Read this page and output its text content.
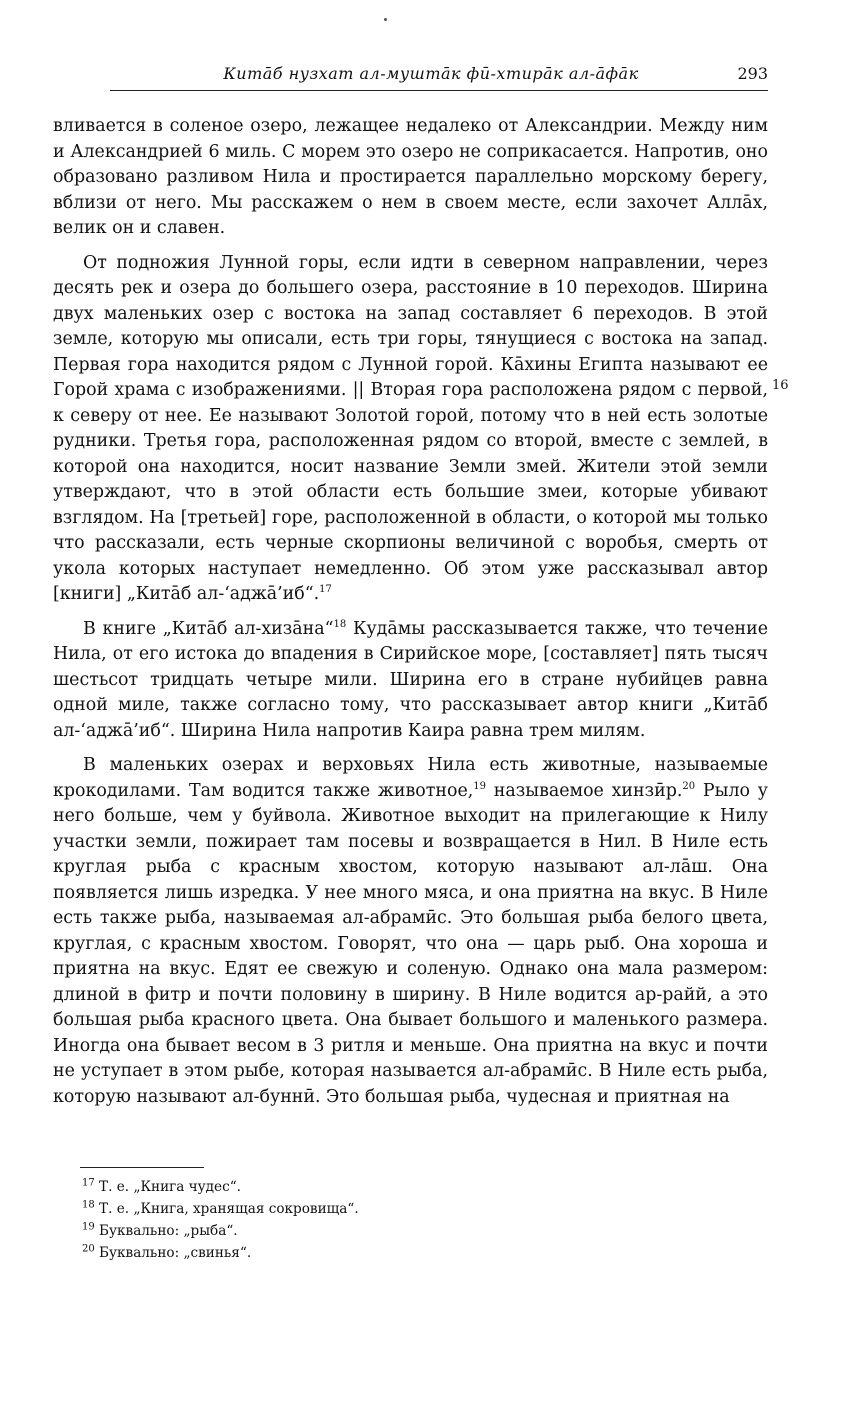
Китāб нузхат ал-муштāк фӣ-хтирāк ал-āфāк	293
16

вливается в соленое озеро, лежащее недалеко от Александрии. Между ним и Александрией 6 миль. С морем это озеро не соприкасается. Напротив, оно образовано разливом Нила и простирается параллельно морскому берегу, вблизи от него. Мы расскажем о нем в своем месте, если захочет Аллāх, велик он и славен.

От подножия Лунной горы, если идти в северном направлении, через десять рек и озера до большего озера, расстояние в 10 переходов. Ширина двух маленьких озер с востока на запад составляет 6 переходов. В этой земле, которую мы описали, есть три горы, тянущиеся с востока на запад. Первая гора находится рядом с Лунной горой. Кāхины Египта называют ее Горой храма с изображениями. || Вторая гора расположена рядом с первой, к северу от нее. Ее называют Золотой горой, потому что в ней есть золотые рудники. Третья гора, расположенная рядом со второй, вместе с землей, в которой она находится, носит название Земли змей. Жители этой земли утверждают, что в этой области есть большие змеи, которые убивают взглядом. На [третьей] горе, расположенной в области, о которой мы только что рассказали, есть черные скорпионы величиной с воробья, смерть от укола которых наступает немедленно. Об этом уже рассказывал автор [книги] „Китāб ал-‘аджā’иб“.$^{17}$

В книге „Китāб ал-хизāна“$^{18}$ Кудāмы рассказывается также, что течение Нила, от его истока до впадения в Сирийское море, [составляет] пять тысяч шестьсот тридцать четыре мили. Ширина его в стране нубийцев равна одной миле, также согласно тому, что рассказывает автор книги „Китāб ал-‘аджā’иб“. Ширина Нила напротив Каира равна трем милям.

В маленьких озерах и верховьях Нила есть животные, называемые крокодилами. Там водится также животное,$^{19}$ называемое хинзӣр.$^{20}$ Рыло у него больше, чем у буйвола. Животное выходит на прилегающие к Нилу участки земли, пожирает там посевы и возвращается в Нил. В Ниле есть круглая рыба с красным хвостом, которую называют ал-лāш. Она появляется лишь изредка. У нее много мяса, и она приятна на вкус. В Ниле есть также рыба, называемая ал-абрамӣс. Это большая рыба белого цвета, круглая, с красным хвостом. Говорят, что она — царь рыб. Она хороша и приятна на вкус. Едят ее свежую и соленую. Однако она мала размером: длиной в фитр и почти половину в ширину. В Ниле водится ар-райй, а это большая рыба красного цвета. Она бывает большого и маленького размера. Иногда она бывает весом в 3 ритля и меньше. Она приятна на вкус и почти не уступает в этом рыбе, которая называется ал-абрамӣс. В Ниле есть рыба, которую называют ал-буннӣ. Это большая рыба, чудесная и приятная на

$^{17}$ Т. е. „Книга чудес“.

$^{18}$ Т. е. „Книга, хранящая сокровища“.

$^{19}$ Буквально: „рыба“.

$^{20}$ Буквально: „свинья“.
